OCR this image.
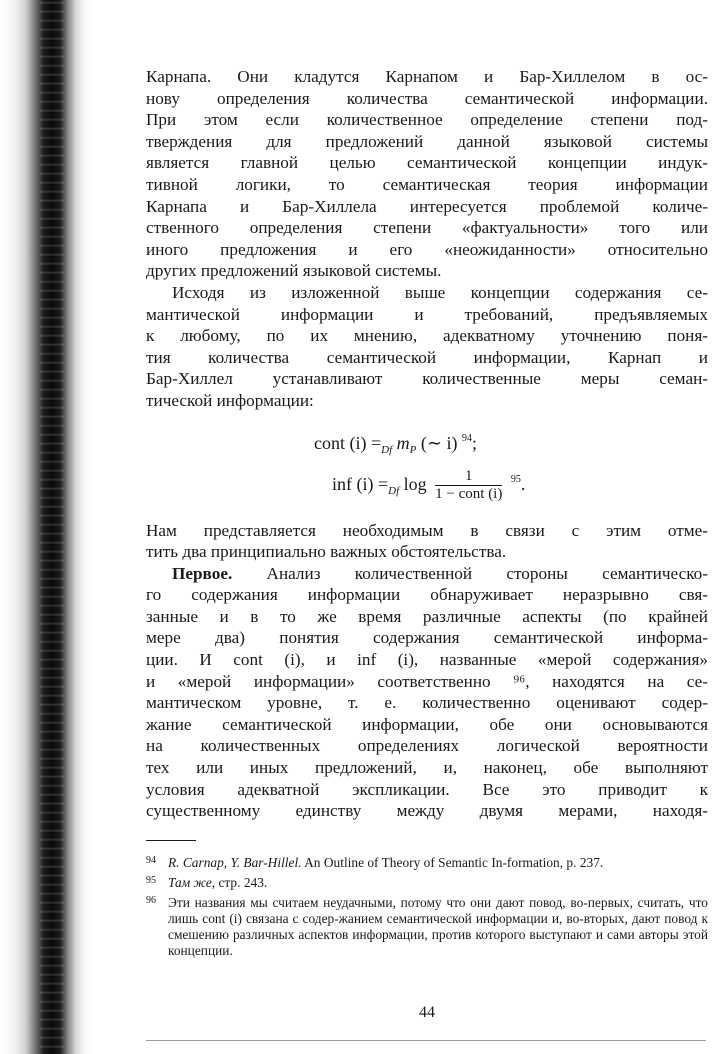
Карнапа. Они кладутся Карнапом и Бар-Хиллелом в ос-
нову определения количества семантической информации.
При этом если количественное определение степени под-
тверждения для предложений данной языковой системы
является главной целью семантической концепции индук-
тивной логики, то семантическая теория информации
Карнапа и Бар-Хиллела интересуется проблемой количе-
ственного определения степени «фактуальности» того или
иного предложения и его «неожиданности» относительно
других предложений языковой системы.
Исходя из изложенной выше концепции содержания се-
мантической информации и требований, предъявляемых
к любому, по их мнению, адекватному уточнению поня-
тия количества семантической информации, Карнап и
Бар-Хиллел устанавливают количественные меры семан-
тической информации:
cont $(i) =_{Df}$ $m_P$ (∼ i) $^{94}$;
inf $(i) =_{Df}$ $\log \frac{1}{\text{1 − cont (i)}} ^{95}$.
Нам представляется необходимым в связи с этим отме-
тить два принципиально важных обстоятельства.
Первое. Анализ количественной стороны семантическо-
го содержания информации обнаруживает неразрывно свя-
занные и в то же время различные аспекты (по крайней
мере два) понятия содержания семантической информа-
ции. И cont (i), и inf (i), названные «мерой содержания»
и «мерой информации» соответственно ⁹⁶, находятся на се-
мантическом уровне, т. е. количественно оценивают содер-
жание семантической информации, обе они основываются
на количественных определениях логической вероятности
тех или иных предложений, и, наконец, обе выполняют
условия адекватной экспликации. Все это приводит к
существенному единству между двумя мерами, находя-

94 R. Carnap, Y. Bar-Hillel. An Outline of Theory of Semantic In-formation, p. 237.

95 Там же, стр. 243.

96 Эти названия мы считаем неудачными, потому что они дают повод, во-первых, считать, что лишь cont (i) связана с содер-жанием семантической информации и, во-вторых, дают повод к смешению различных аспектов информации, против которого выступают и сами авторы этой концепции.

44
